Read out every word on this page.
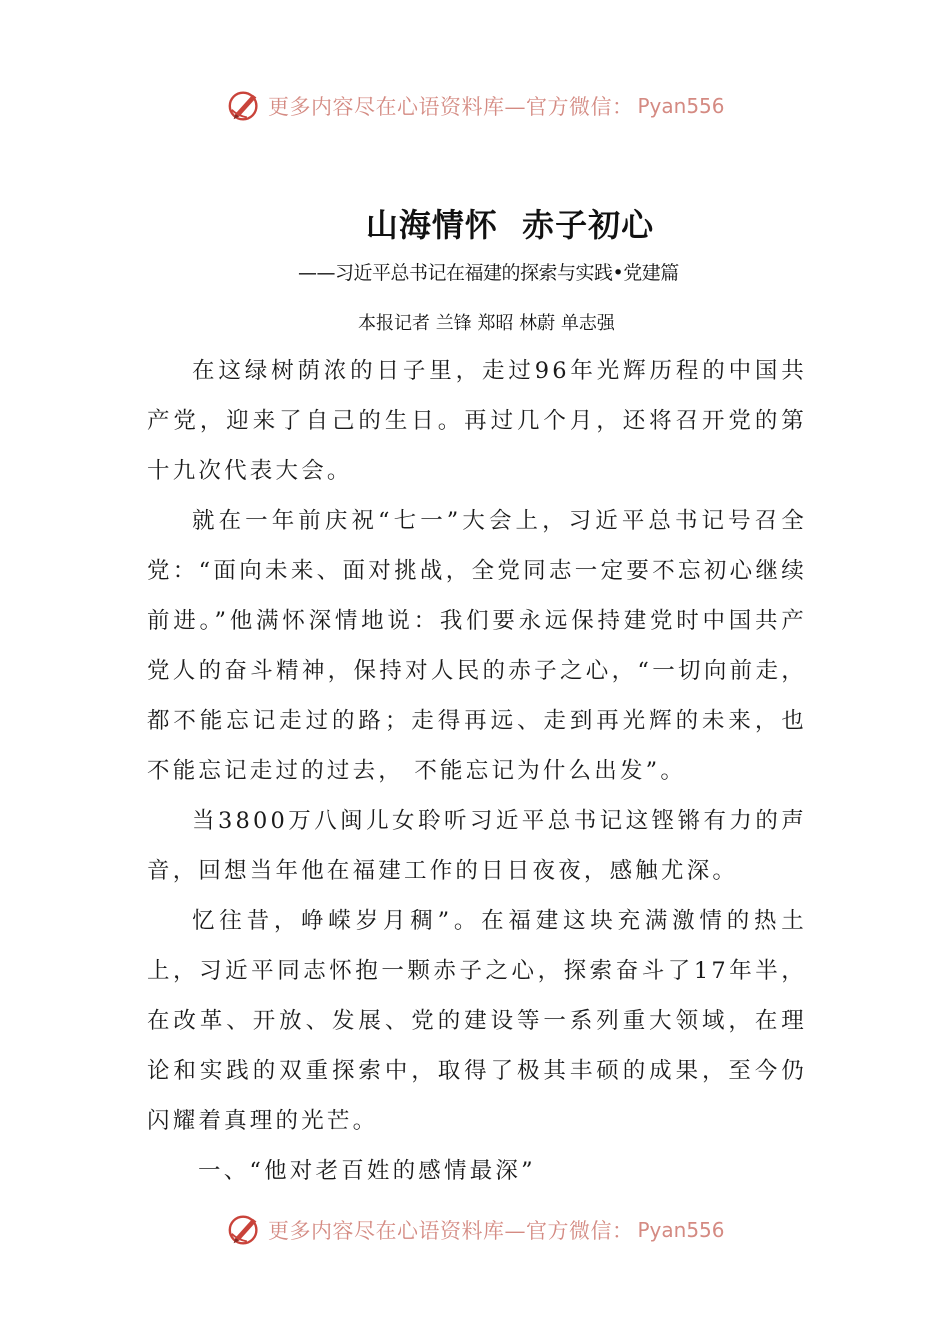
更多内容尽在心语资料库—官方微信： Pyan556
山海情怀  赤子初心
——习近平总书记在福建的探索与实践•党建篇
本报记者 兰锋 郑昭 林蔚 单志强

在这绿树荫浓的日子里，走过96年光辉历程的中国共产党，迎来了自己的生日。再过几个月，还将召开党的第十九次代表大会。

就在一年前庆祝“七一”大会上，习近平总书记号召全党：“面向未来、面对挑战，全党同志一定要不忘初心继续前进。”他满怀深情地说：我们要永远保持建党时中国共产党人的奋斗精神，保持对人民的赤子之心，“一切向前走，都不能忘记走过的路；走得再远、走到再光辉的未来，也不能忘记走过的过去， 不能忘记为什么出发”。

当3800万八闽儿女聆听习近平总书记这铿锵有力的声音，回想当年他在福建工作的日日夜夜，感触尤深。

忆往昔，峥嵘岁月稠”。在福建这块充满激情的热土上，习近平同志怀抱一颗赤子之心，探索奋斗了17年半，在改革、开放、发展、党的建设等一系列重大领域，在理论和实践的双重探索中，取得了极其丰硕的成果，至今仍闪耀着真理的光芒。

一、“他对老百姓的感情最深”
更多内容尽在心语资料库—官方微信： Pyan556
